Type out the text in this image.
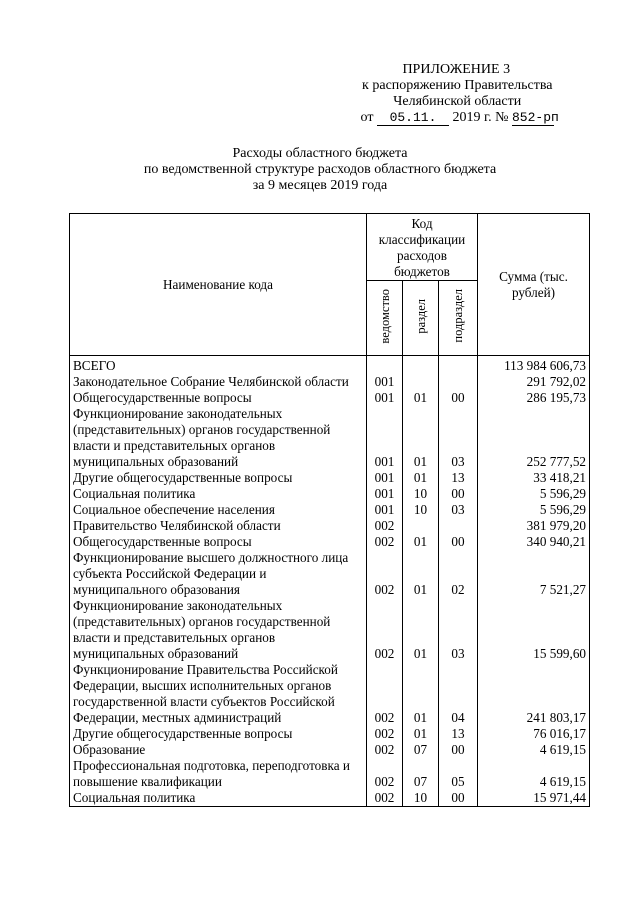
ПРИЛОЖЕНИЕ 3
к распоряжению Правительства
Челябинской области
от 05.11. 2019 г. № 852-рп
Расходы областного бюджета
по ведомственной структуре расходов областного бюджета
за 9 месяцев 2019 года
Наименование кода	Код классификации расходов бюджетов			Сумма (тыс. рублей)
	ведомство	раздел	подраздел	
ВСЕГО				113 984 606,73
Законодательное Собрание Челябинской области	001			291 792,02
Общегосударственные вопросы	001	01	00	286 195,73
Функционирование законодательных (представительных) органов государственной власти и представительных органов муниципальных образований	001	01	03	252 777,52
Другие общегосударственные вопросы	001	01	13	33 418,21
Социальная политика	001	10	00	5 596,29
Социальное обеспечение населения	001	10	03	5 596,29
Правительство Челябинской области	002			381 979,20
Общегосударственные вопросы	002	01	00	340 940,21
Функционирование высшего должностного лица субъекта Российской Федерации и муниципального образования	002	01	02	7 521,27
Функционирование законодательных (представительных) органов государственной власти и представительных органов муниципальных образований	002	01	03	15 599,60
Функционирование Правительства Российской Федерации, высших исполнительных органов государственной власти субъектов Российской Федерации, местных администраций	002	01	04	241 803,17
Другие общегосударственные вопросы	002	01	13	76 016,17
Образование	002	07	00	4 619,15
Профессиональная подготовка, переподготовка и повышение квалификации	002	07	05	4 619,15
Социальная политика	002	10	00	15 971,44
